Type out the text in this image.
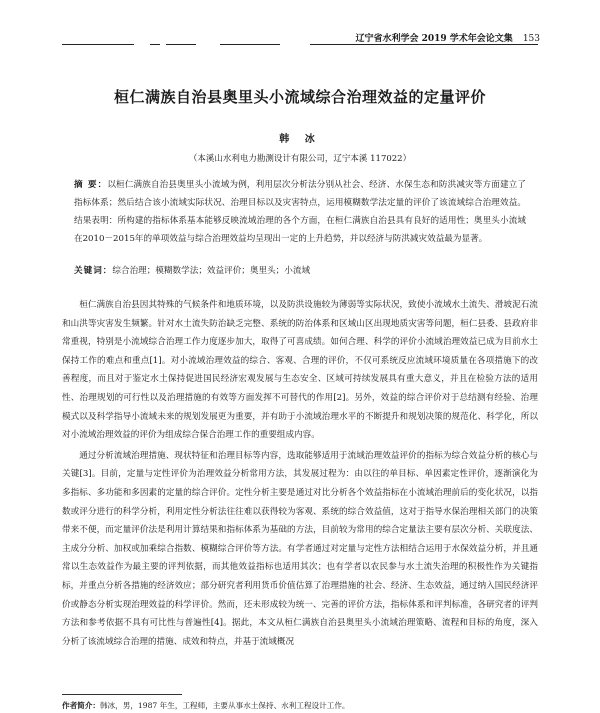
辽宁省水利学会 2019 学术年会论文集 153
桓仁满族自治县奥里头小流域综合治理效益的定量评价
韩 冰
（本溪山水利电力勘测设计有限公司，辽宁本溪 117022）
摘 要：以桓仁满族自治县奥里头小流域为例，利用层次分析法分别从社会、经济、水保生态和防洪减灾等方面建立了指标体系；然后结合该小流域实际状况、治理目标以及灾害特点，运用模糊数学法定量的评价了该流域综合治理效益。结果表明：所构建的指标体系基本能够反映流域治理的各个方面，在桓仁满族自治县具有良好的适用性；奥里头小流域在2010－2015年的单项效益与综合治理效益均呈现出一定的上升趋势，并以经济与防洪减灾效益最为显著。
关键词：综合治理；模糊数学法；效益评价；奥里头；小流域

桓仁满族自治县因其特殊的气候条件和地质环境，以及防洪设施较为薄弱等实际状况，致使小流域水土流失、滑坡泥石流和山洪等灾害发生频繁。针对水土流失防治缺乏完整、系统的防治体系和区域山区出现地质灾害等问题，桓仁县委、县政府非常重视，特别是小流域综合治理工作力度逐步加大，取得了可喜成绩。如何合理、科学的评价小流域治理效益已成为目前水土保持工作的难点和重点[1]。对小流域治理效益的综合、客观、合理的评价，不仅可系统反应流域环境质量在各项措施下的改善程度，而且对于鉴定水土保持促进国民经济宏观发展与生态安全、区域可持续发展具有重大意义，并且在检验方法的适用性、治理规划的可行性以及治理措施的有效等方面发挥不可替代的作用[2]。另外，效益的综合评价对于总结测有经验、治理模式以及科学指导小流域未来的规划发展更为重要，并有助于小流域治理水平的不断提升和规划决策的规范化、科学化，所以对小流域治理效益的评价为组成综合保合治理工作的重要组成内容。

通过分析流域治理措施、现状特征和治理目标等内容，选取能够适用于流域治理效益评价的指标为综合效益分析的核心与关键[3]。目前，定量与定性评价为治理效益分析常用方法，其发展过程为：由以往的单目标、单因素定性评价，逐渐演化为多指标、多功能和多因素的定量的综合评价。定性分析主要是通过对比分析各个效益指标在小流域治理前后的变化状况，以指数或评分进行的科学分析，利用定性分析法往往难以获得较为客观、系统的综合效益值，这对于指导水保治理相关部门的决策带来不便，而定量评价法是利用计算结果和指标体系为基础的方法，目前较为常用的综合定量法主要有层次分析、关联度法、主成分分析、加权或加乘综合指数、模糊综合评价等方法。有学者通过对定量与定性方法相结合运用于水保效益分析，并且通常以生态效益作为最主要的评判依据，而其他效益指标也适用其次；也有学者以农民参与水土流失治理的积极性作为关键指标，并重点分析各措施的经济效应；部分研究者利用货币价值估算了治理措施的社会、经济、生态效益，通过纳入国民经济评价或静态分析实现治理效益的科学评价。然而，还未形成较为统一、完善的评价方法，指标体系和评判标准，各研究者的评判方法和参考依据不具有可比性与普遍性[4]。据此，本文从桓仁满族自治县奥里头小流域治理策略、流程和目标的角度，深入分析了该流域综合治理的措施、成效和特点，并基于流域概况

作者简介：韩冰，男，1987 年生，工程师，主要从事水土保持、水利工程设计工作。
